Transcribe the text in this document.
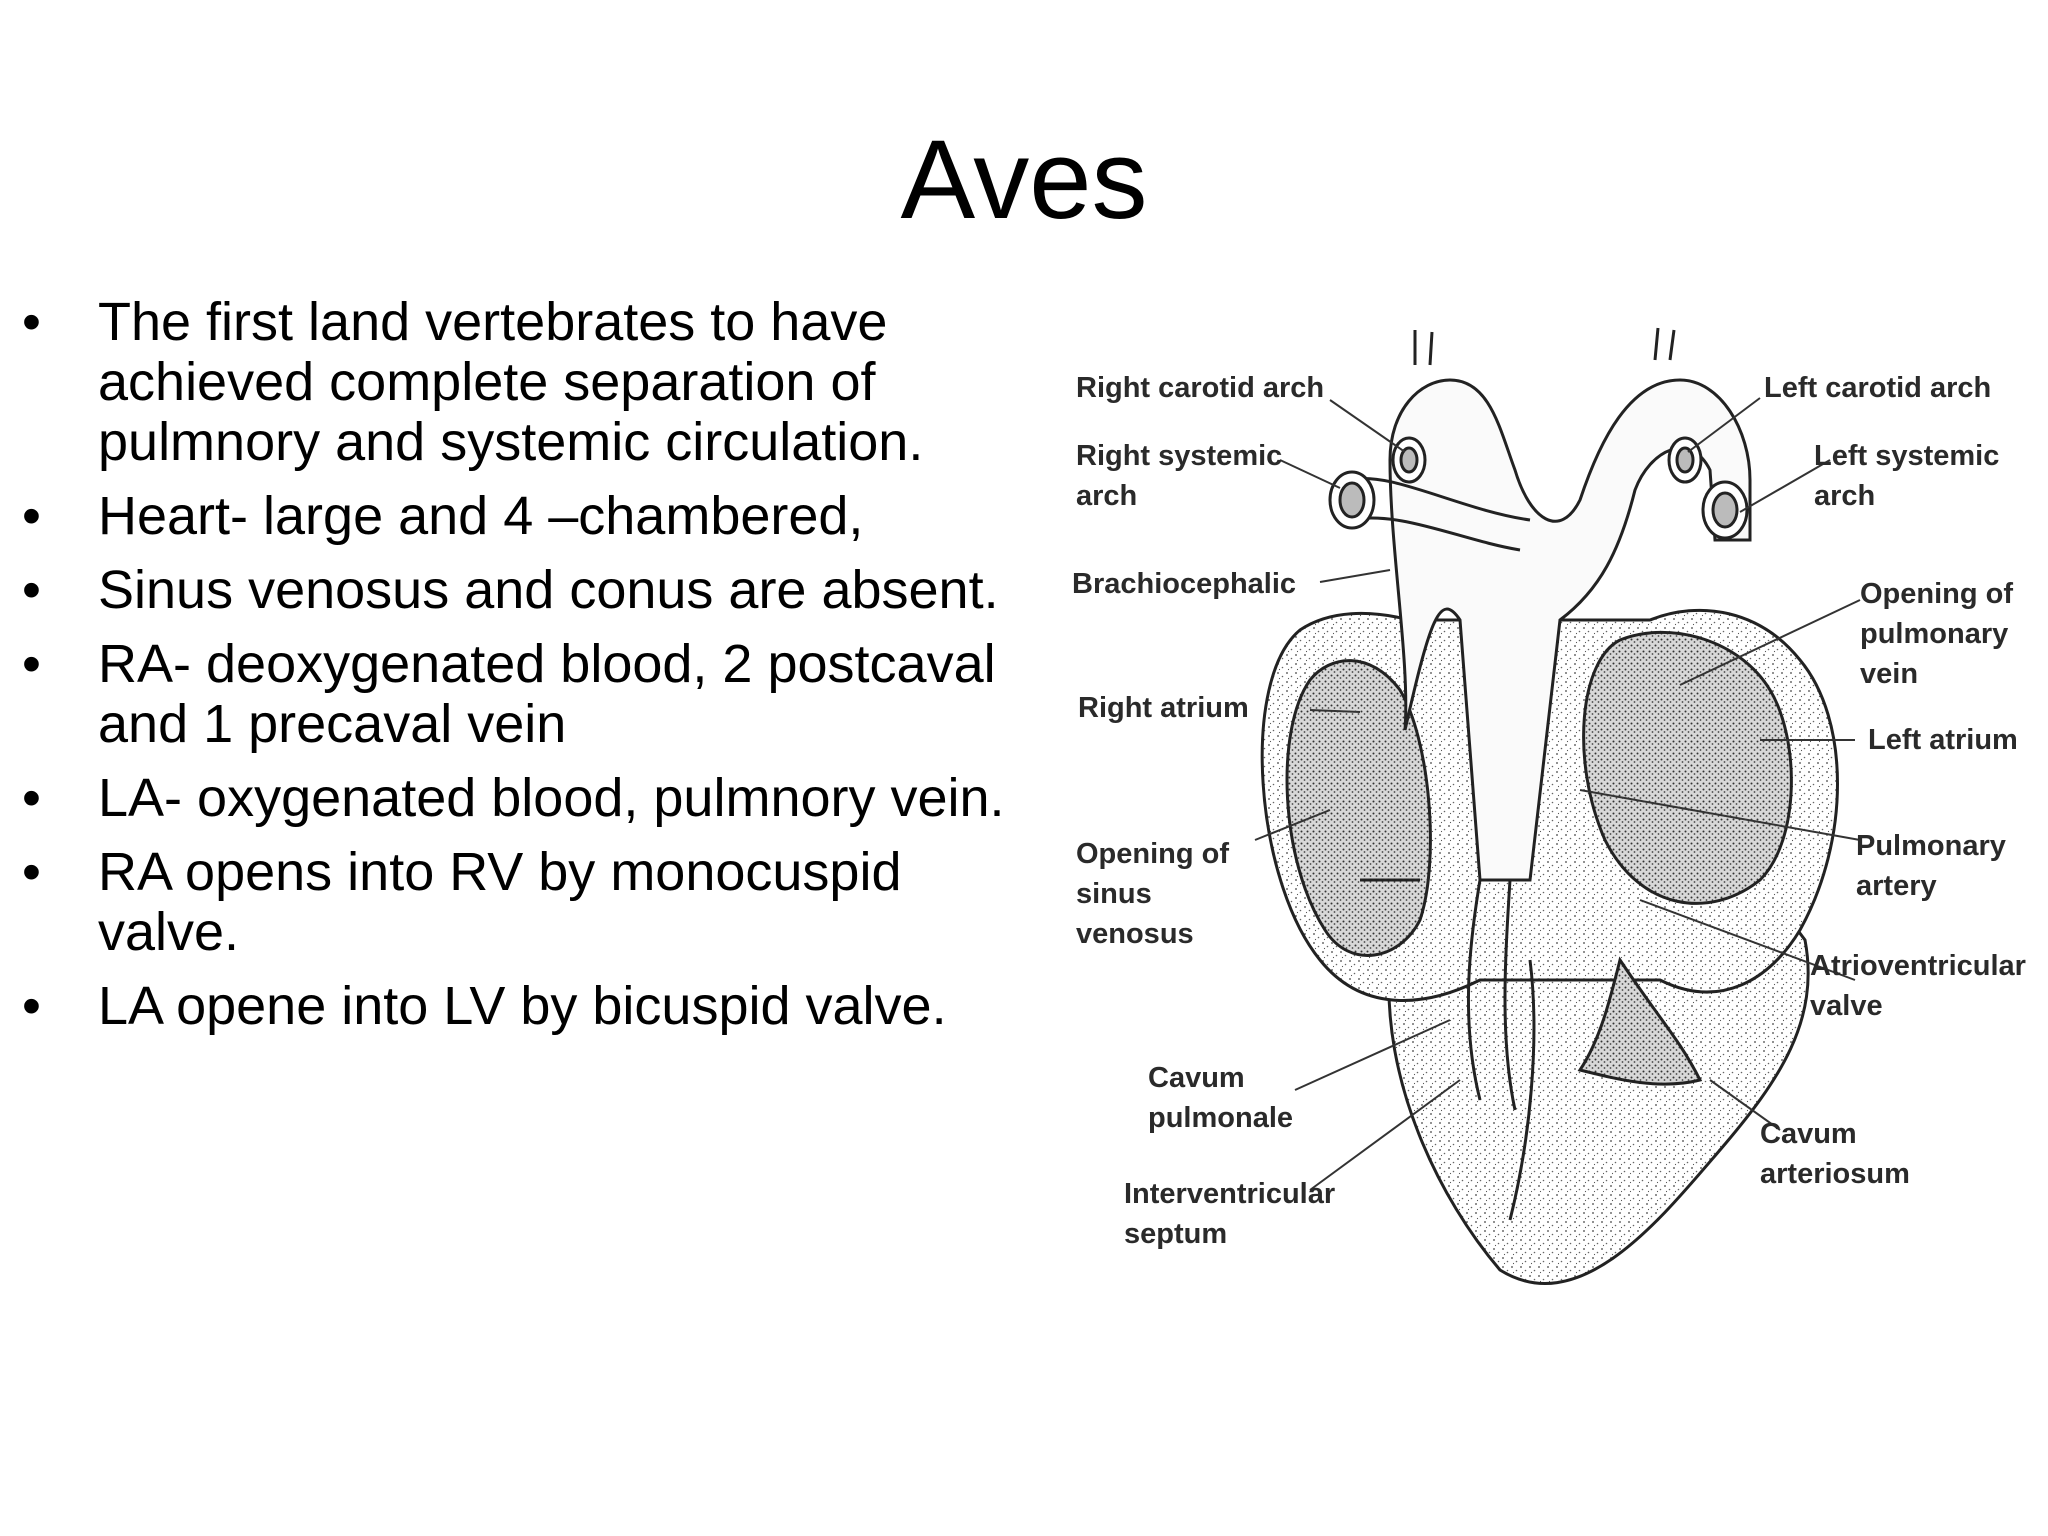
Aves
• The first land vertebrates to have achieved complete separation of pulmnory and systemic circulation.
• Heart- large and 4 –chambered,
• Sinus venosus and conus are absent.
• RA- deoxygenated blood, 2 postcaval and 1 precaval vein
• LA- oxygenated blood, pulmnory vein.
• RA opens into RV by monocuspid valve.
• LA opene into LV by bicuspid valve.
Right carotid arch
Right systemic
arch
Brachiocephalic
Right atrium
Opening of
sinus
venosus
Cavum
pulmonale
Interventricular
septum
Left carotid arch
Left systemic
arch
Opening of
pulmonary
vein
Left atrium
Pulmonary
artery
Atrioventricular
valve
Cavum
arteriosum
